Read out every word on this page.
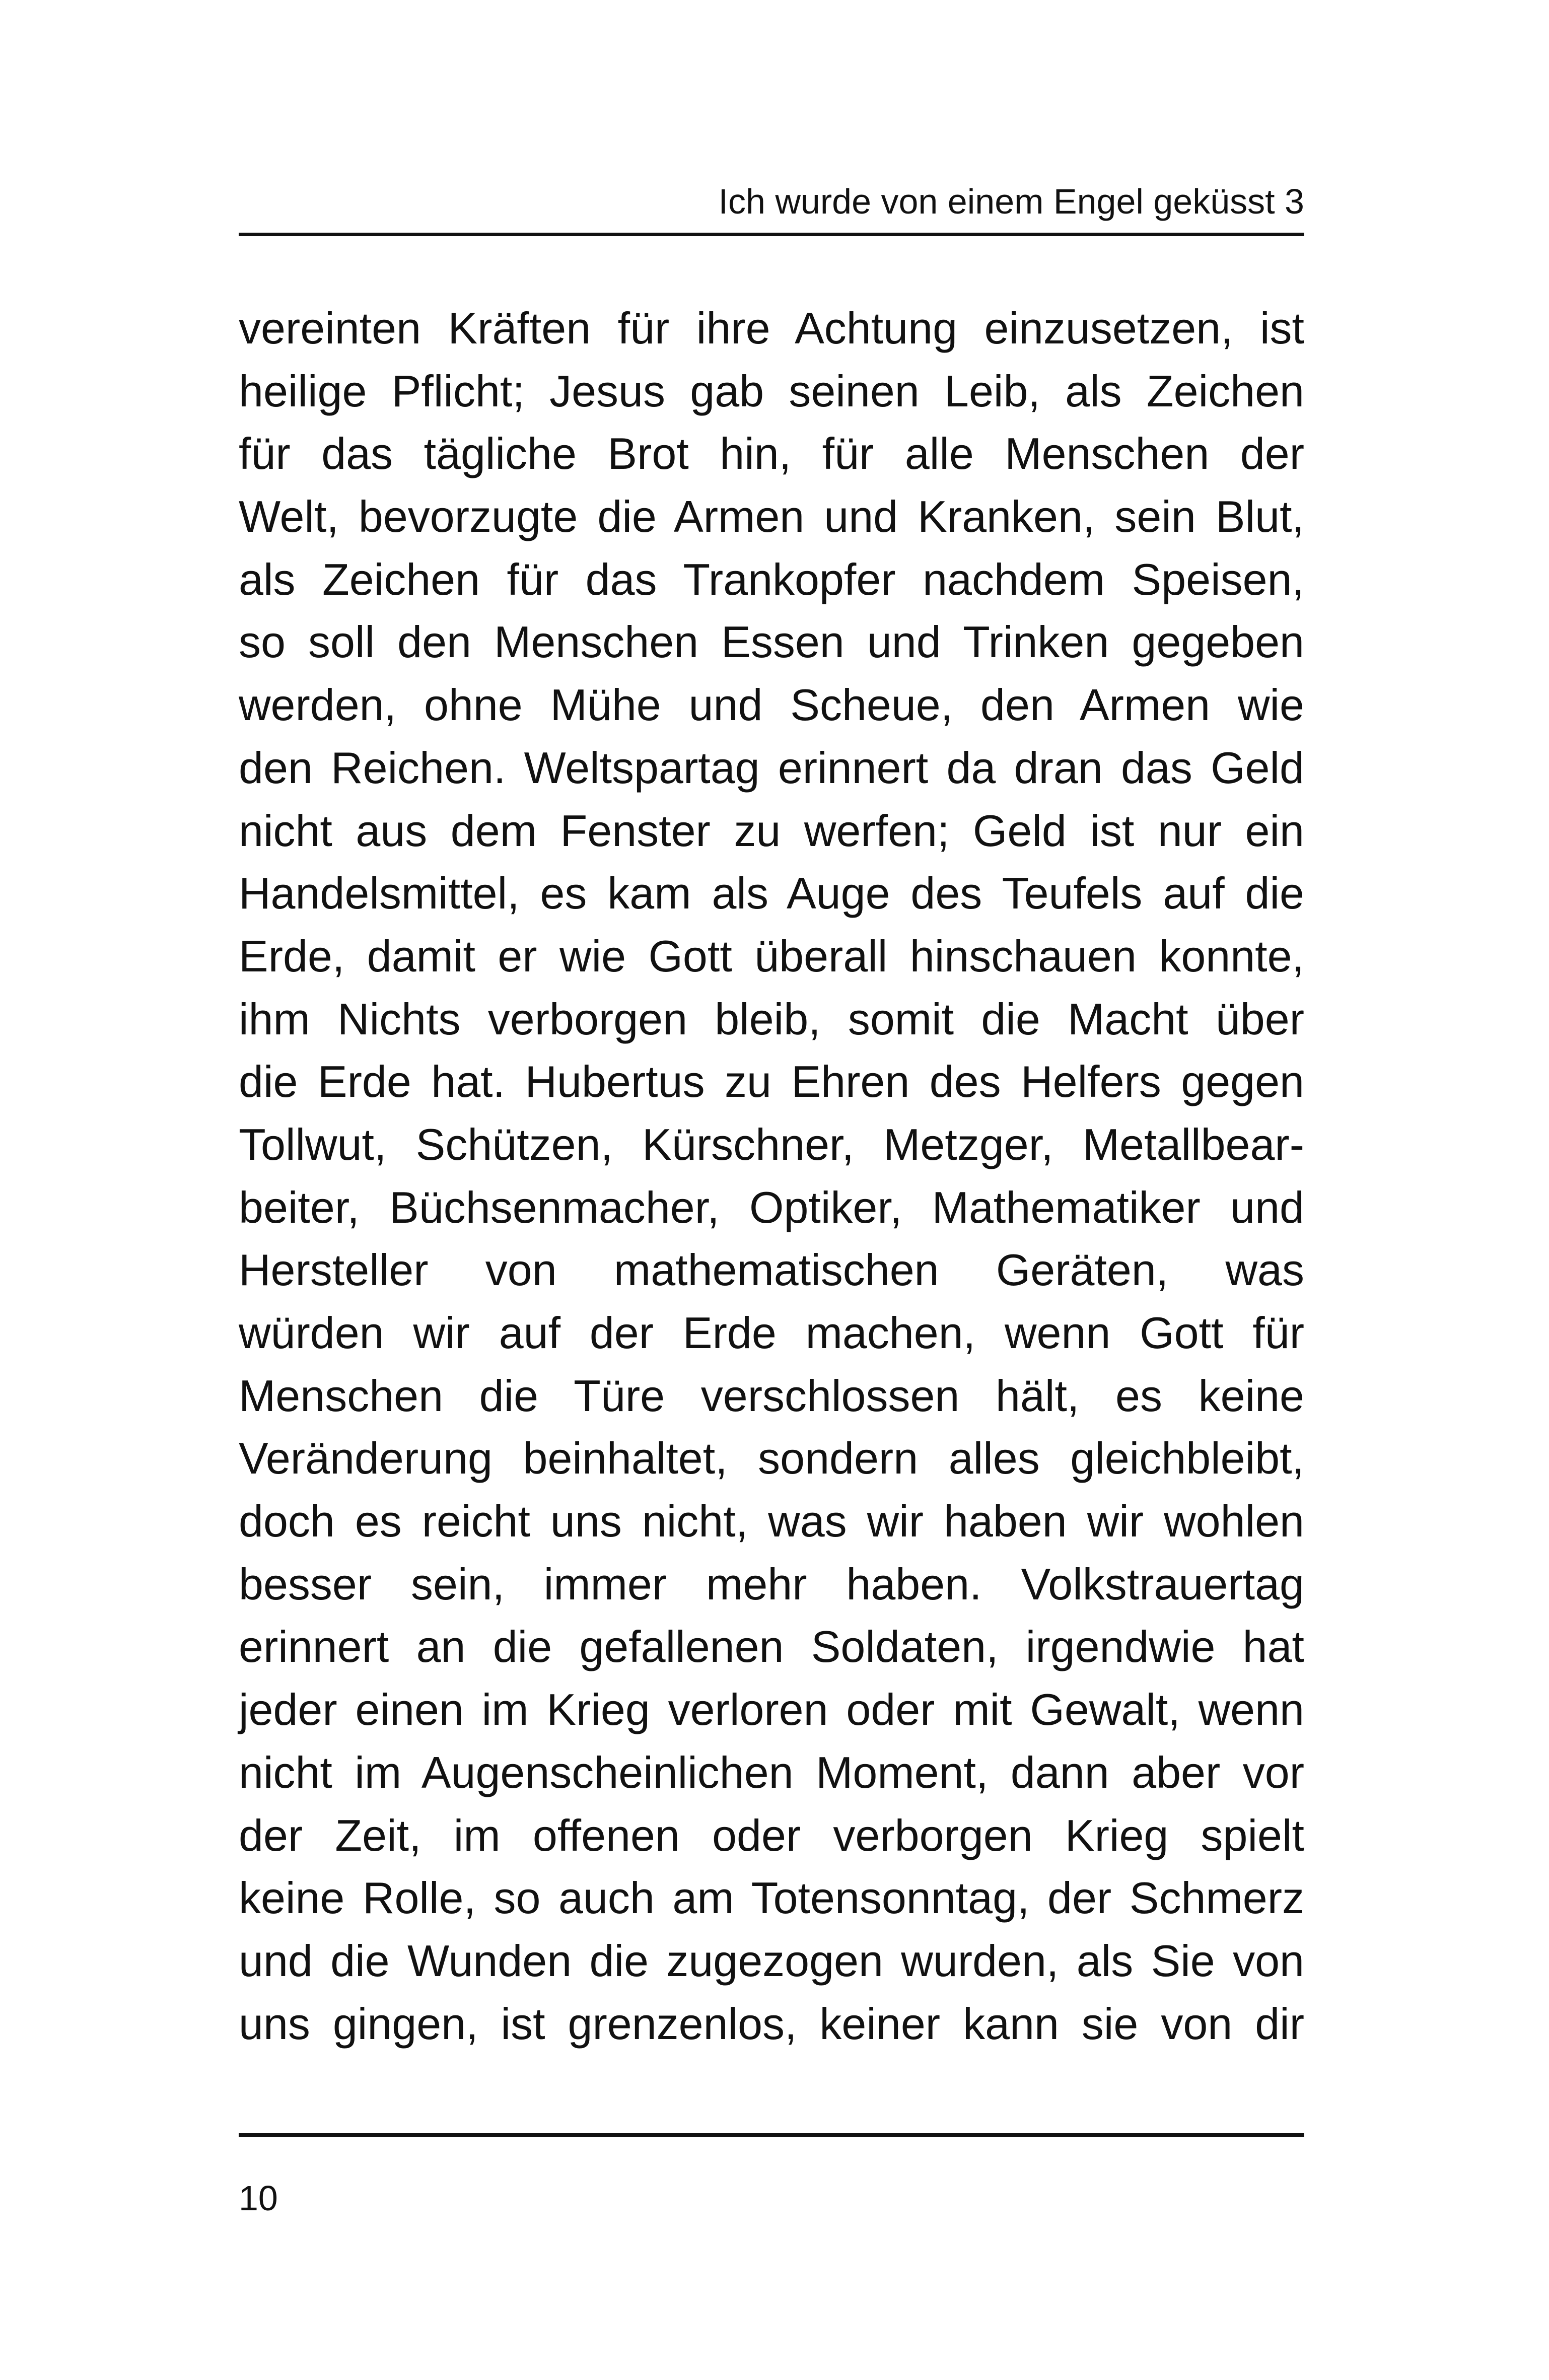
Ich wurde von einem Engel geküsst 3
vereinten Kräften für ihre Achtung einzusetzen, ist
heilige Pflicht; Jesus gab seinen Leib, als Zeichen
für das tägliche Brot hin, für alle Menschen der
Welt, bevorzugte die Armen und Kranken, sein Blut,
als Zeichen für das Trankopfer nachdem Speisen,
so soll den Menschen Essen und Trinken gegeben
werden, ohne Mühe und Scheue, den Armen wie
den Reichen. Weltspartag erinnert da dran das Geld
nicht aus dem Fenster zu werfen; Geld ist nur ein
Handelsmittel, es kam als Auge des Teufels auf die
Erde, damit er wie Gott überall hinschauen konnte,
ihm Nichts verborgen bleib, somit die Macht über
die Erde hat. Hubertus zu Ehren des Helfers gegen
Tollwut, Schützen, Kürschner, Metzger, Metallbear-
beiter, Büchsenmacher, Optiker, Mathematiker und
Hersteller von mathematischen Geräten, was
würden wir auf der Erde machen, wenn Gott für
Menschen die Türe verschlossen hält, es keine
Veränderung beinhaltet, sondern alles gleichbleibt,
doch es reicht uns nicht, was wir haben wir wohlen
besser sein, immer mehr haben. Volkstrauertag
erinnert an die gefallenen Soldaten, irgendwie hat
jeder einen im Krieg verloren oder mit Gewalt, wenn
nicht im Augenscheinlichen Moment, dann aber vor
der Zeit, im offenen oder verborgen Krieg spielt
keine Rolle, so auch am Totensonntag, der Schmerz
und die Wunden die zugezogen wurden, als Sie von
uns gingen, ist grenzenlos, keiner kann sie von dir
10
